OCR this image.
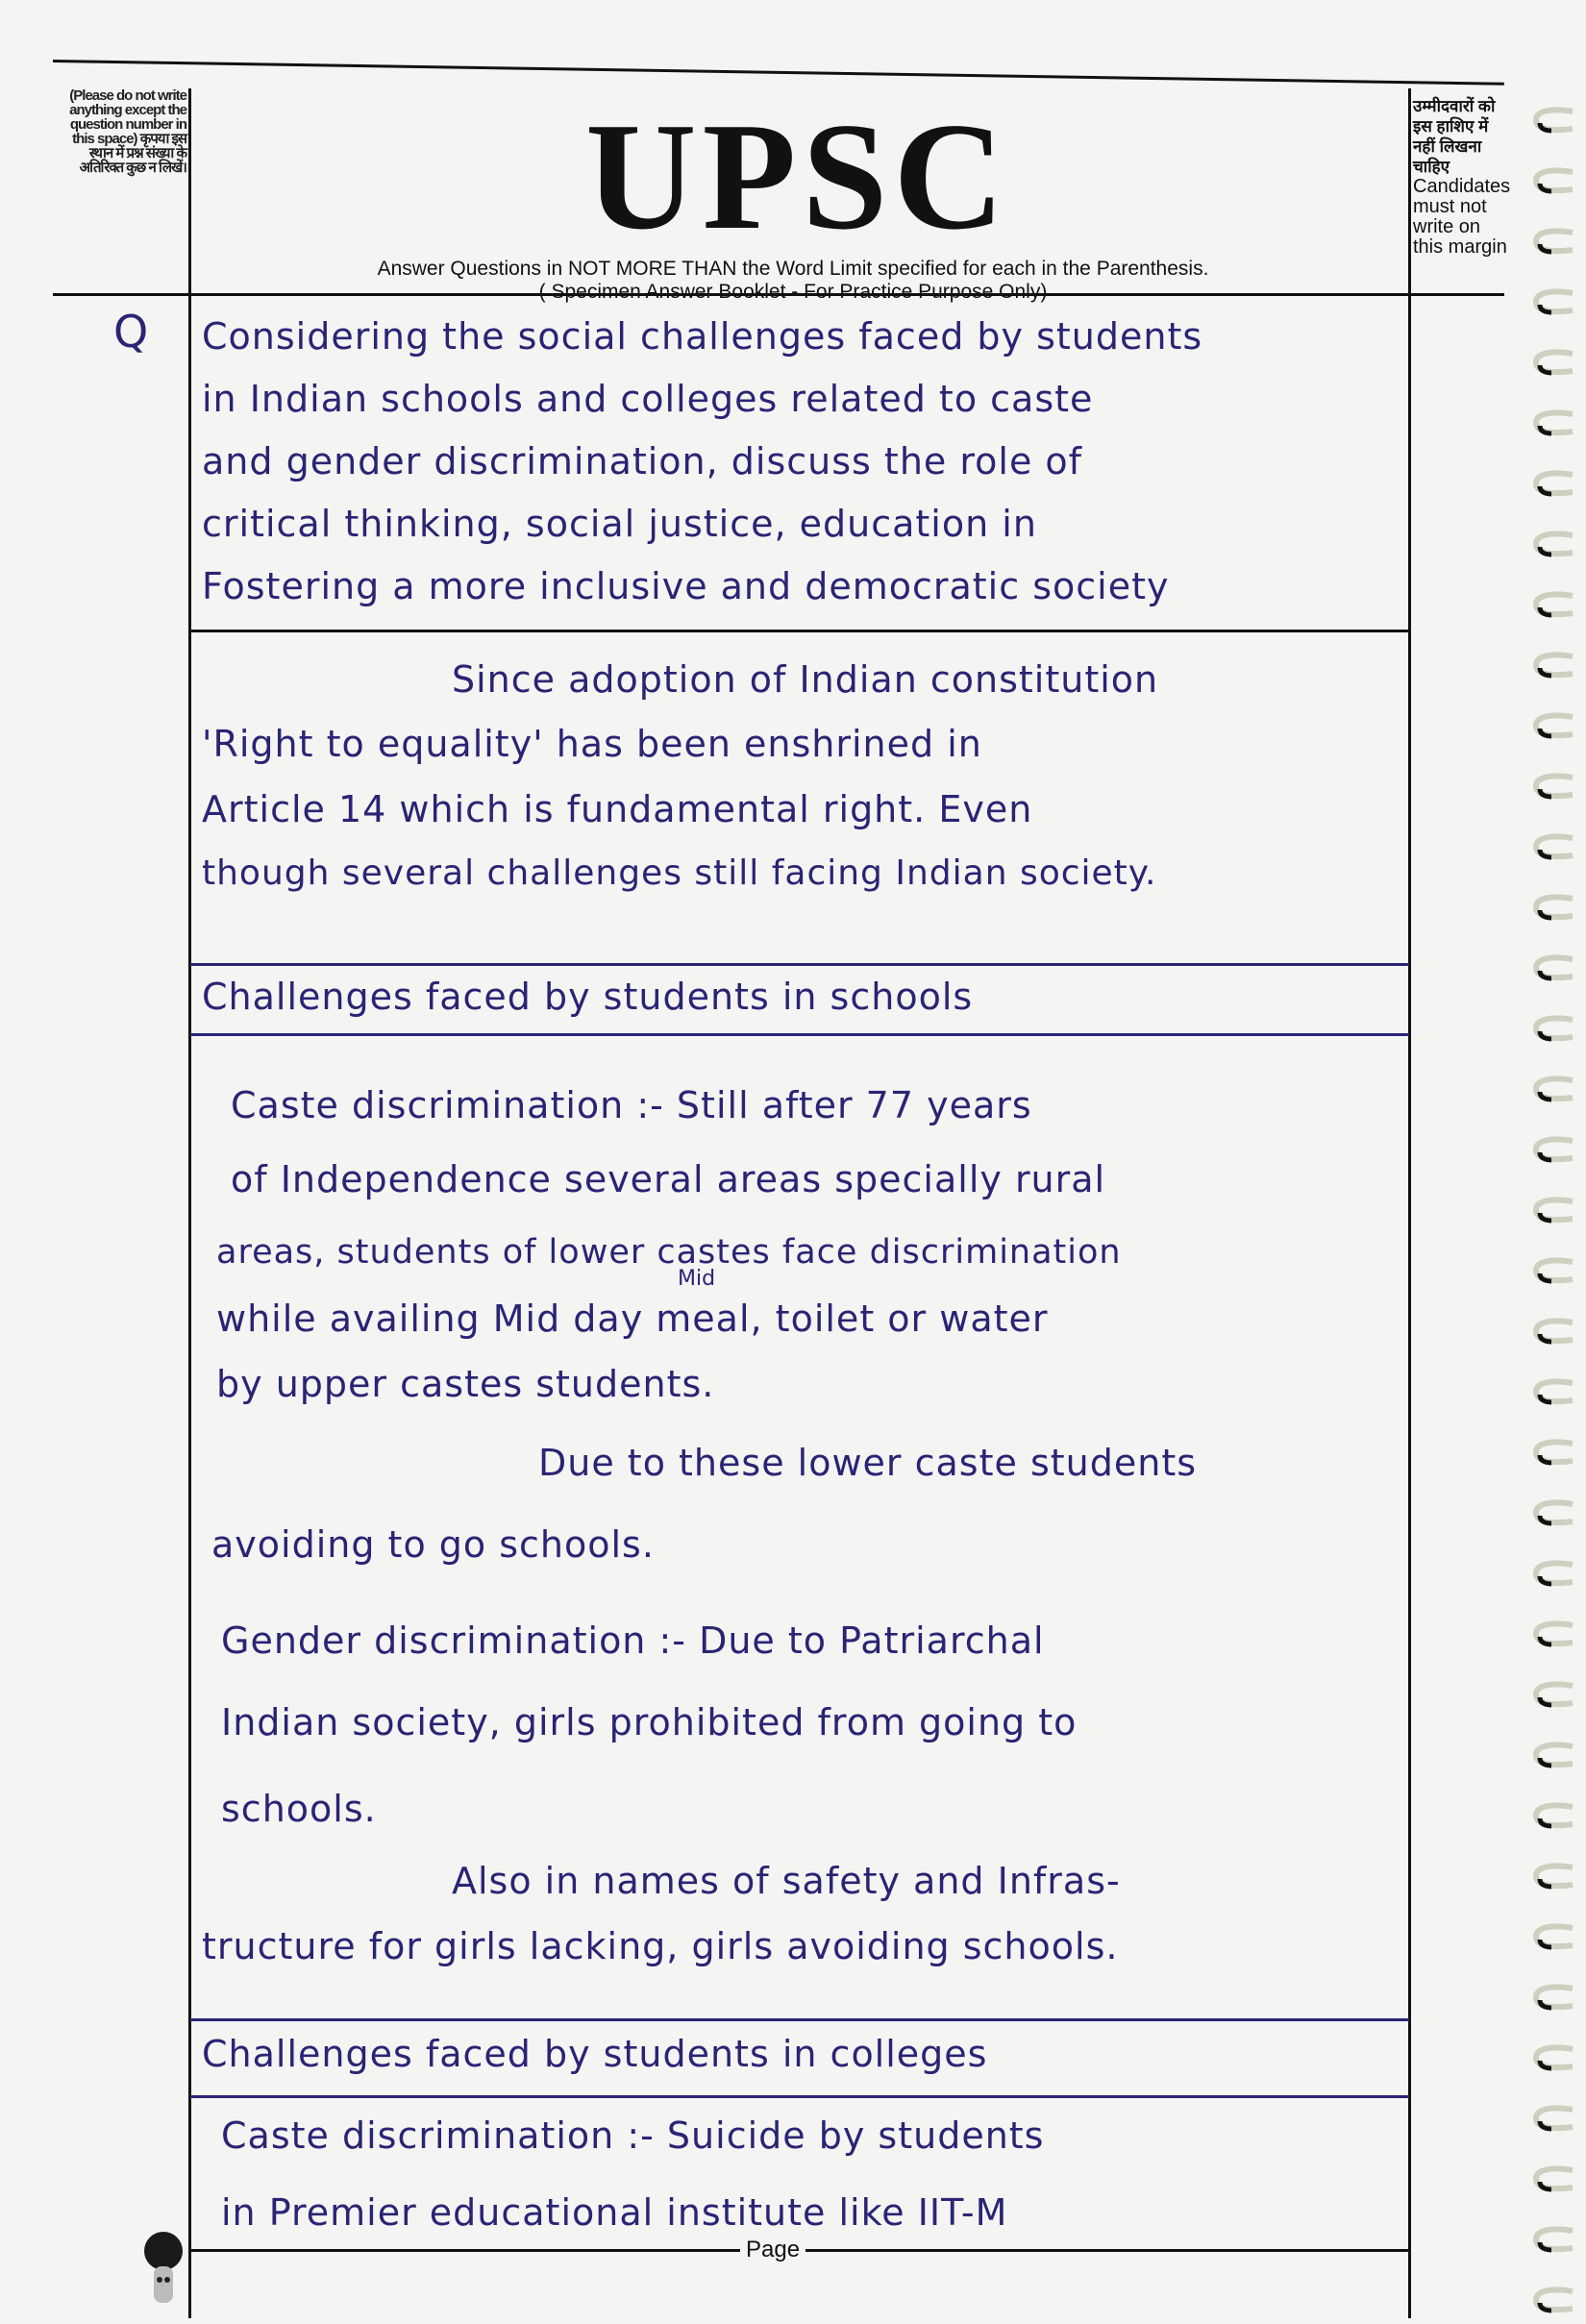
(Please do not write anything except the question number in this space) कृपया इस स्थान में प्रश्न संख्या के अतिरिक्त कुछ न लिखें।	UPSC
Answer Questions in NOT MORE THAN the Word Limit specified for each in the Parenthesis.
( Specimen Answer Booklet - For Practice Purpose Only)
उम्मीदवारों को इस हाशिए में नहीं लिखना चाहिए
Candidates must not write on this margin
Q Considering the social challenges faced by students
in Indian schools and colleges related to caste
and gender discrimination, discuss the role of
critical thinking, social justice, education in
Fostering a more inclusive and democratic society
Since adoption of Indian constitution
'Right to equality' has been enshrined in
Article 14 which is fundamental right. Even
though several challenges still facing Indian society.
Challenges faced by students in schools
Caste discrimination :- Still after 77 years
of Independence several areas specially rural
areas, students of lower castes face discrimination
Mid
while availing Mid day meal, toilet or water
by upper castes students.
Due to these lower caste students
avoiding to go schools.
Gender discrimination :- Due to Patriarchal
Indian society, girls prohibited from going to
schools.
Also in names of safety and Infras-
tructure for girls lacking, girls avoiding schools.
Challenges faced by students in colleges
Caste discrimination :- Suicide by students
in Premier educational institute like IIT-M
Page
